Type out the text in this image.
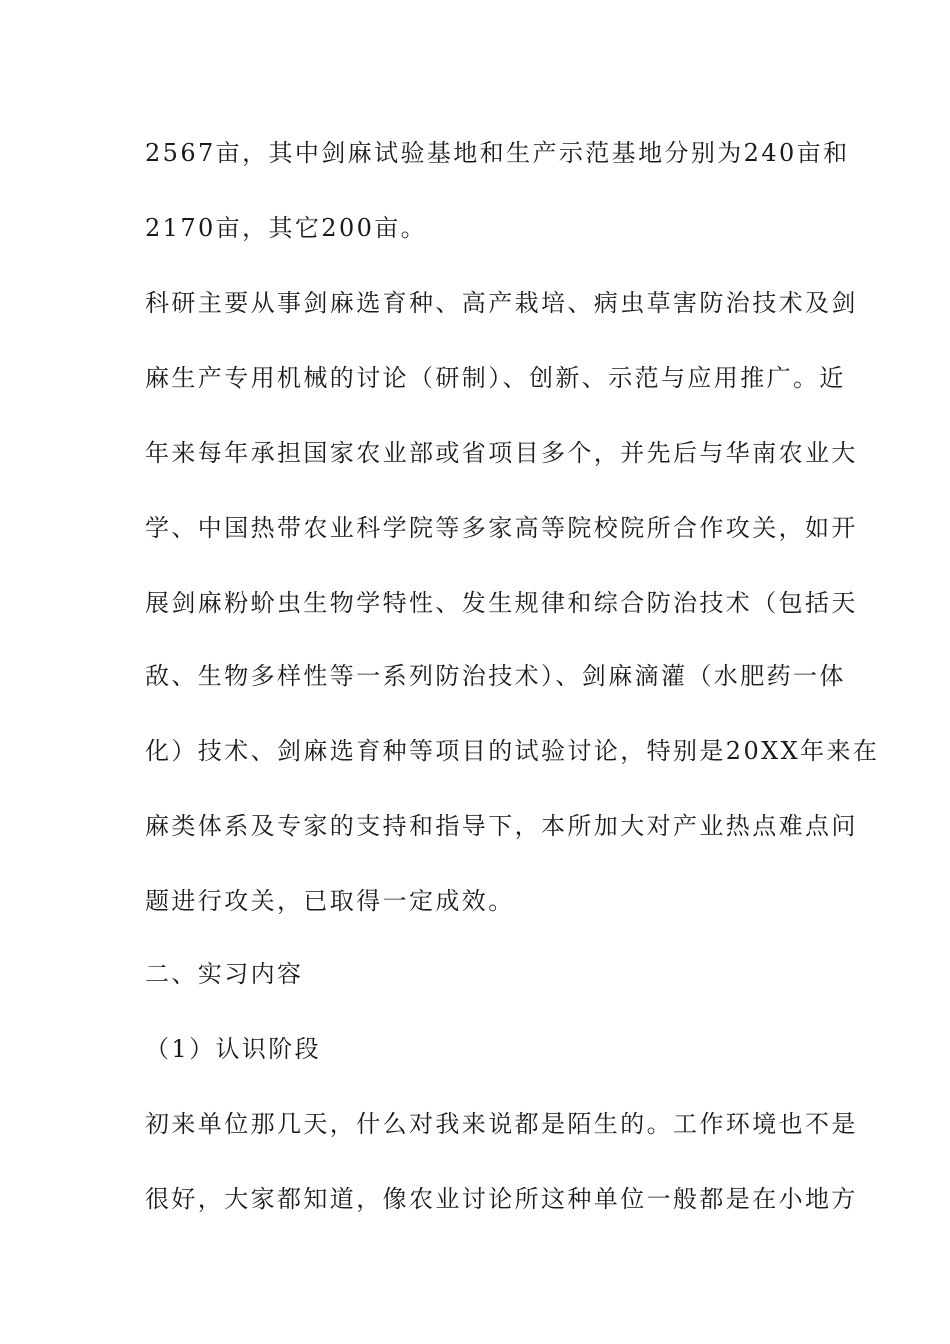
2567亩，其中剑麻试验基地和生产示范基地分别为240亩和
2170亩，其它200亩。
科研主要从事剑麻选育种、高产栽培、病虫草害防治技术及剑
麻生产专用机械的讨论（研制）、创新、示范与应用推广。近
年来每年承担国家农业部或省项目多个，并先后与华南农业大
学、中国热带农业科学院等多家高等院校院所合作攻关，如开
展剑麻粉蚧虫生物学特性、发生规律和综合防治技术（包括天
敌、生物多样性等一系列防治技术）、剑麻滴灌（水肥药一体
化）技术、剑麻选育种等项目的试验讨论，特别是20XX年来在
麻类体系及专家的支持和指导下，本所加大对产业热点难点问
题进行攻关，已取得一定成效。
二、实习内容
（1）认识阶段
初来单位那几天，什么对我来说都是陌生的。工作环境也不是
很好，大家都知道，像农业讨论所这种单位一般都是在小地方
